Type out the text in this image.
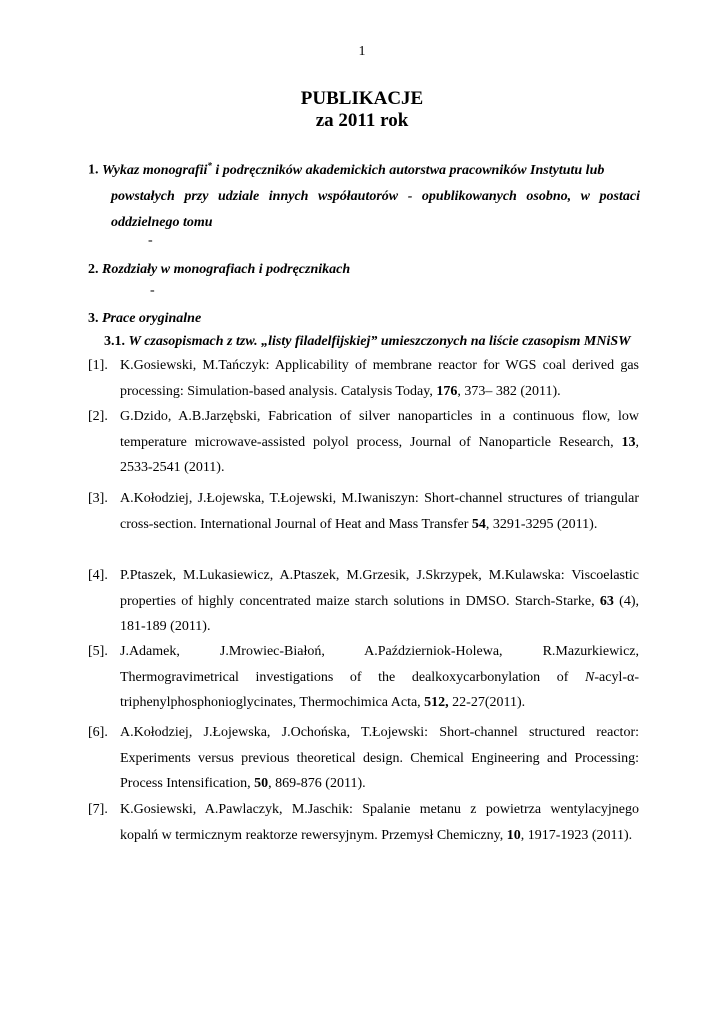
1
PUBLIKACJE
za 2011 rok
1. Wykaz monografii* i podręczników akademickich autorstwa pracowników Instytutu lub
powstałych przy udziale innych współautorów - opublikowanych osobno, w postaci oddzielnego tomu
-
2. Rozdziały w monografiach i podręcznikach
-
3. Prace oryginalne
3.1. W czasopismach z tzw. „listy filadelfijskiej” umieszczonych na liście czasopism MNiSW
[1]. K.Gosiewski, M.Tańczyk: Applicability of membrane reactor for WGS coal derived gas processing: Simulation-based analysis. Catalysis Today, 176, 373– 382 (2011).
[2]. G.Dzido, A.B.Jarzębski, Fabrication of silver nanoparticles in a continuous flow, low temperature microwave-assisted polyol process, Journal of Nanoparticle Research, 13, 2533-2541 (2011).
[3]. A.Kołodziej, J.Łojewska, T.Łojewski, M.Iwaniszyn: Short-channel structures of triangular cross-section. International Journal of Heat and Mass Transfer 54, 3291-3295 (2011).
[4]. P.Ptaszek, M.Lukasiewicz, A.Ptaszek, M.Grzesik, J.Skrzypek, M.Kulawska: Viscoelastic properties of highly concentrated maize starch solutions in DMSO. Starch-Starke, 63 (4), 181-189 (2011).
[5]. J.Adamek, J.Mrowiec-Białoń, A.Październiok-Holewa, R.Mazurkiewicz, Thermogravimetrical investigations of the dealkoxycarbonylation of N-acyl-α-triphenylphosphonioglycinates, Thermochimica Acta, 512, 22-27(2011).
[6]. A.Kołodziej, J.Łojewska, J.Ochońska, T.Łojewski: Short-channel structured reactor: Experiments versus previous theoretical design. Chemical Engineering and Processing: Process Intensification, 50, 869-876 (2011).
[7]. K.Gosiewski, A.Pawlaczyk, M.Jaschik: Spalanie metanu z powietrza wentylacyjnego kopalń w termicznym reaktorze rewersyjnym. Przemysł Chemiczny, 10, 1917-1923 (2011).
